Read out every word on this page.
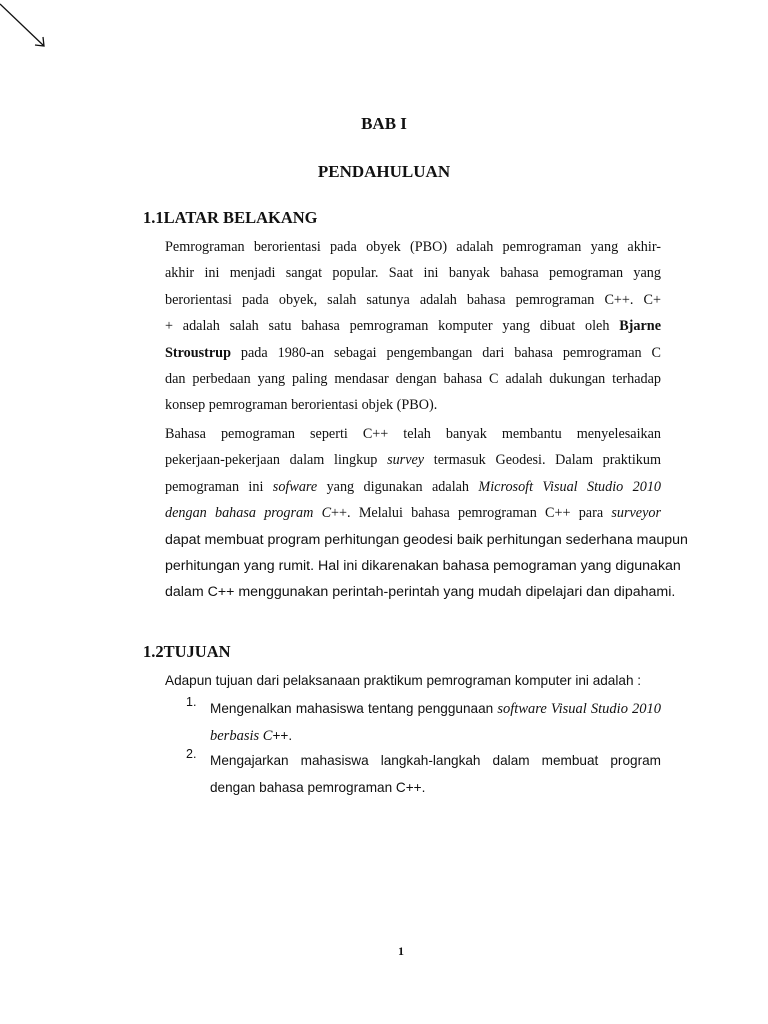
BAB I
PENDAHULUAN
1.1LATAR BELAKANG
Pemrograman berorientasi pada obyek (PBO) adalah pemrograman yang akhir-
akhir ini menjadi sangat popular. Saat ini banyak bahasa pemograman yang
berorientasi pada obyek, salah satunya adalah bahasa pemrograman C++. C+
+ adalah salah satu bahasa pemrograman komputer yang dibuat oleh Bjarne
Stroustrup pada 1980-an sebagai pengembangan dari bahasa pemrograman C
dan perbedaan yang paling mendasar dengan bahasa C adalah dukungan terhadap
konsep pemrograman berorientasi objek (PBO).
Bahasa pemograman seperti C++ telah banyak membantu menyelesaikan
pekerjaan-pekerjaan dalam lingkup survey termasuk Geodesi. Dalam praktikum
pemograman ini sofware yang digunakan adalah Microsoft Visual Studio 2010
dengan bahasa program C++. Melalui bahasa pemrograman C++ para surveyor
dapat membuat program perhitungan geodesi baik perhitungan sederhana maupun
perhitungan yang rumit. Hal ini dikarenakan bahasa pemograman yang digunakan
dalam C++ menggunakan perintah-perintah yang mudah dipelajari dan dipahami.
1.2TUJUAN
Adapun tujuan dari pelaksanaan praktikum pemrograman komputer ini adalah :
1. Mengenalkan mahasiswa tentang penggunaan software Visual Studio 2010
berbasis C++.
2. Mengajarkan mahasiswa langkah-langkah dalam membuat program
dengan bahasa pemrograman C++.
1
